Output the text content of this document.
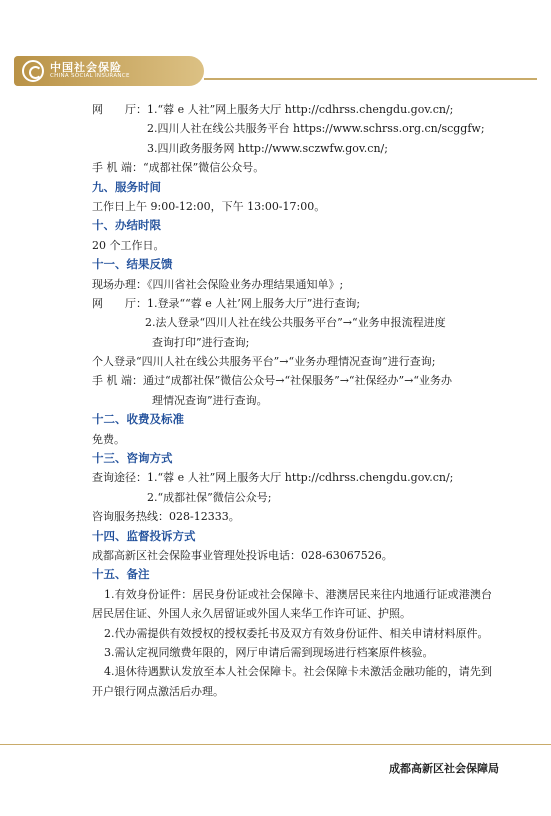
中国社会保险
CHINA SOCIAL INSURANCE
网　　厅：1.“蓉 e 人社”网上服务大厅 http://cdhrss.chengdu.gov.cn/;
2.四川人社在线公共服务平台 https://www.schrss.org.cn/scggfw;
3.四川政务服务网 http://www.sczwfw.gov.cn/;
手 机 端：“成都社保”微信公众号。
九、服务时间
工作日上午 9:00-12:00，下午 13:00-17:00。
十、办结时限
20 个工作日。
十一、结果反馈
现场办理：《四川省社会保险业务办理结果通知单》;
网　　厅：1.登录““蓉 e 人社’网上服务大厅”进行查询;
2.法人登录“四川人社在线公共服务平台”→“业务申报流程进度
查询打印”进行查询;
个人登录“四川人社在线公共服务平台”→“业务办理情况查询”进行查询;
手 机 端：通过“成都社保”微信公众号→“社保服务”→“社保经办”→“业务办
理情况查询”进行查询。
十二、收费及标准
免费。
十三、咨询方式
查询途径：1.“蓉 e 人社”网上服务大厅 http://cdhrss.chengdu.gov.cn/;
2.“成都社保”微信公众号;
咨询服务热线：028-12333。
十四、监督投诉方式
成都高新区社会保险事业管理处投诉电话：028-63067526。
十五、备注
1.有效身份证件：居民身份证或社会保障卡、港澳居民来往内地通行证或港澳台居民居住证、外国人永久居留证或外国人来华工作许可证、护照。
2.代办需提供有效授权的授权委托书及双方有效身份证件、相关申请材料原件。
3.需认定视同缴费年限的，网厅申请后需到现场进行档案原件核验。
4.退休待遇默认发放至本人社会保障卡。社会保障卡未激活金融功能的，请先到开户银行网点激活后办理。
成都高新区社会保障局
